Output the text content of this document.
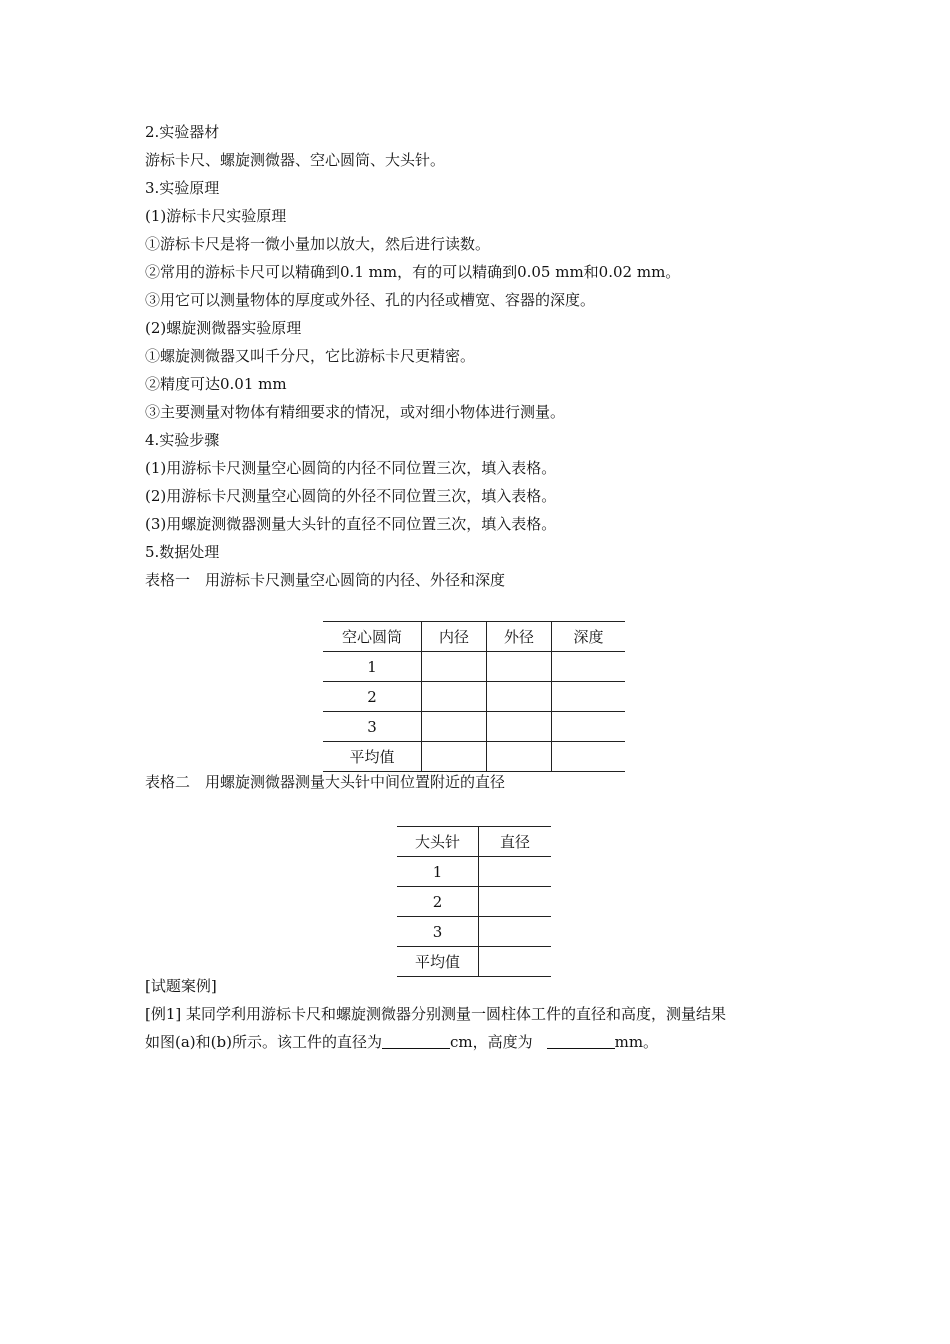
2.实验器材
游标卡尺、螺旋测微器、空心圆筒、大头针。
3.实验原理
(1)游标卡尺实验原理
①游标卡尺是将一微小量加以放大，然后进行读数。
②常用的游标卡尺可以精确到0.1 mm，有的可以精确到0.05 mm和0.02 mm。
③用它可以测量物体的厚度或外径、孔的内径或槽宽、容器的深度。
(2)螺旋测微器实验原理
①螺旋测微器又叫千分尺，它比游标卡尺更精密。
②精度可达0.01 mm
③主要测量对物体有精细要求的情况，或对细小物体进行测量。
4.实验步骤
(1)用游标卡尺测量空心圆筒的内径不同位置三次，填入表格。
(2)用游标卡尺测量空心圆筒的外径不同位置三次，填入表格。
(3)用螺旋测微器测量大头针的直径不同位置三次，填入表格。
5.数据处理
表格一　用游标卡尺测量空心圆筒的内径、外径和深度
空心圆筒	内径	外径	深度
1			
2			
3			
平均值			
表格二　用螺旋测微器测量大头针中间位置附近的直径
大头针	直径
1	
2	
3	
平均值	
[试题案例]
[例1] 某同学利用游标卡尺和螺旋测微器分别测量一圆柱体工件的直径和高度，测量结果
如图(a)和(b)所示。该工件的直径为	cm，高度为	mm。
